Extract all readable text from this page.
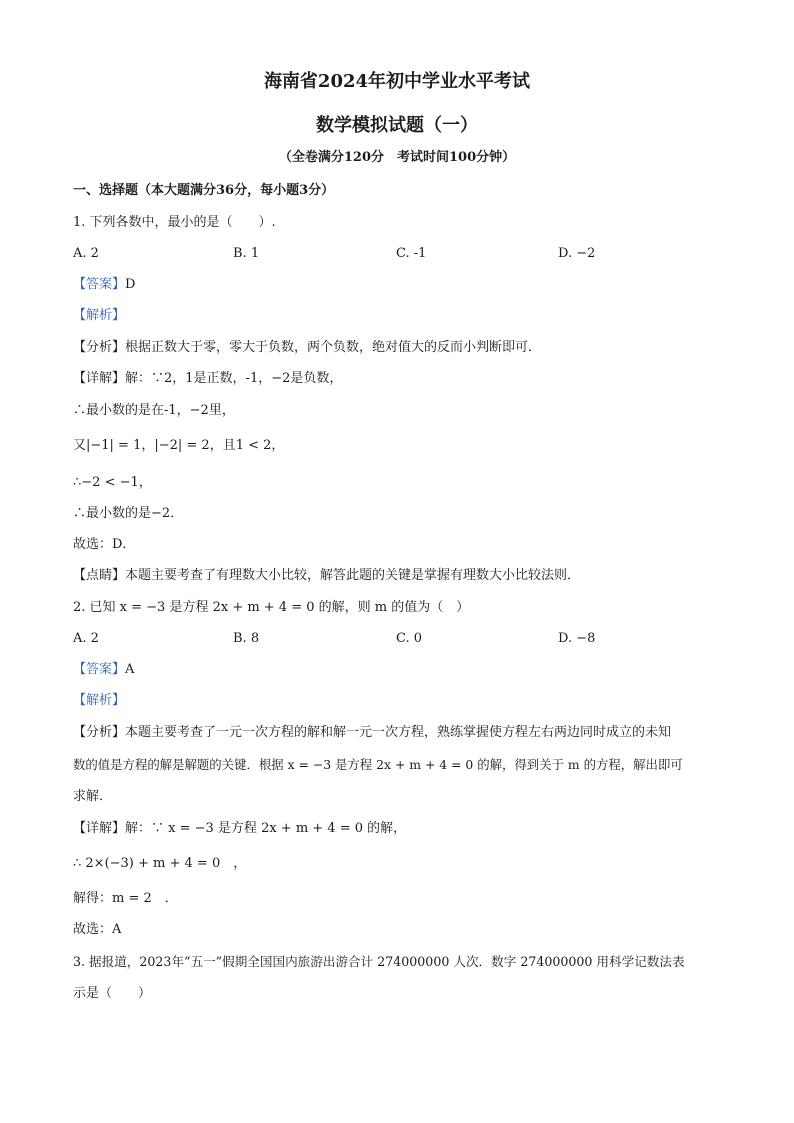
海南省2024年初中学业水平考试
数学模拟试题（一）
（全卷满分120分　考试时间100分钟）
一、选择题（本大题满分36分，每小题3分）
1. 下列各数中，最小的是（　　）.
A. 2	B. 1	C. -1	D. −2
【答案】D
【解析】
【分析】根据正数大于零，零大于负数，两个负数，绝对值大的反而小判断即可．
【详解】解：∵2，1是正数，-1，−2是负数，
∴最小数的是在-1，−2里，
又|−1| = 1，|−2| = 2，且1 < 2，
∴−2 < −1，
∴最小数的是−2．
故选：D．
【点睛】本题主要考查了有理数大小比较，解答此题的关键是掌握有理数大小比较法则．
2. 已知 x = −3 是方程 2x + m + 4 = 0 的解，则 m 的值为（　）
A. 2	B. 8	C. 0	D. −8
【答案】A
【解析】
【分析】本题主要考查了一元一次方程的解和解一元一次方程，熟练掌握使方程左右两边同时成立的未知
数的值是方程的解是解题的关键．根据 x = −3 是方程 2x + m + 4 = 0 的解，得到关于 m 的方程，解出即可
求解．
【详解】解：∵ x = −3 是方程 2x + m + 4 = 0 的解，
∴ 2×(−3) + m + 4 = 0　，
解得：m = 2　．
故选：A
3. 据报道，2023年“五一”假期全国国内旅游出游合计 274000000 人次．数字 274000000 用科学记数法表
示是（　　）
